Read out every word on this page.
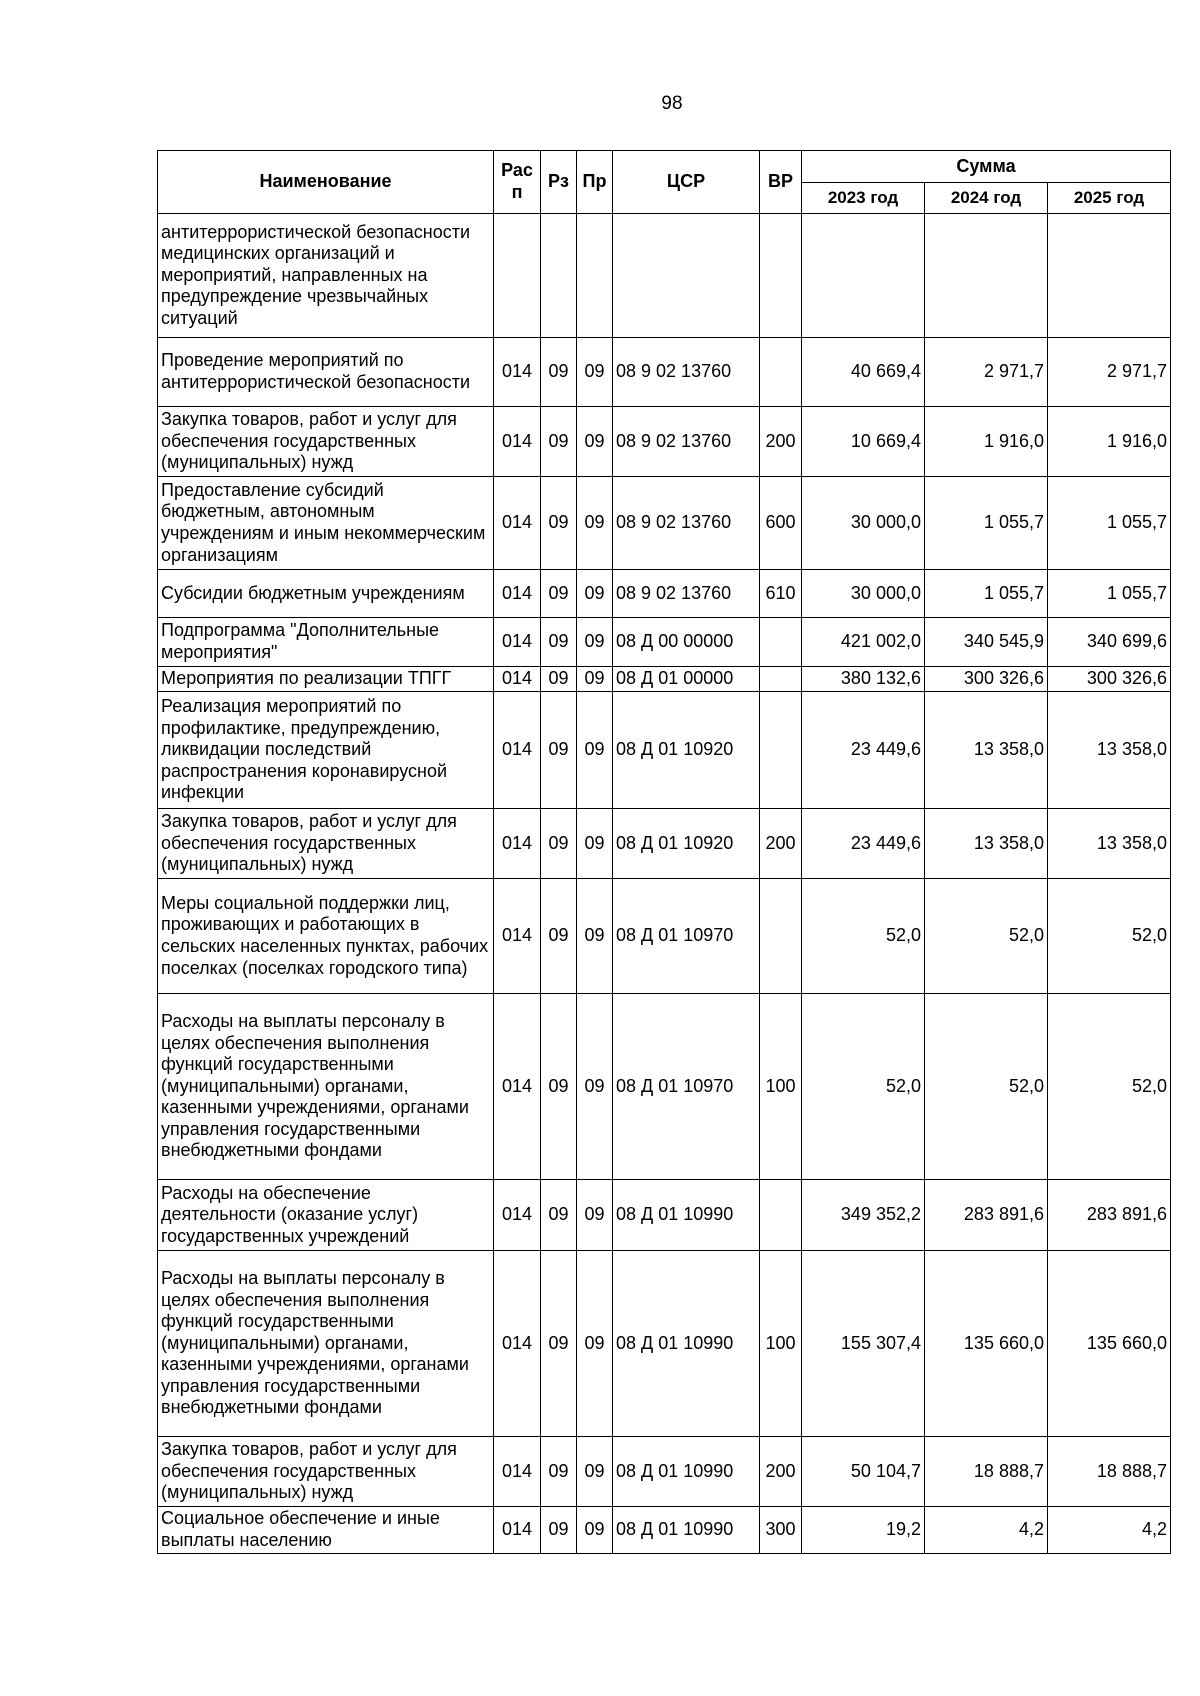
98
Наименование	Рас п	Рз	Пр	ЦСР	ВР	Сумма		
						2023 год	2024 год	2025 год
антитеррористической безопасности медицинских организаций и мероприятий, направленных на предупреждение чрезвычайных ситуаций								
Проведение мероприятий по антитеррористической безопасности	014	09	09	08 9 02 13760		40 669,4	2 971,7	2 971,7
Закупка товаров, работ и услуг для обеспечения государственных (муниципальных) нужд	014	09	09	08 9 02 13760	200	10 669,4	1 916,0	1 916,0
Предоставление субсидий бюджетным, автономным учреждениям и иным некоммерческим организациям	014	09	09	08 9 02 13760	600	30 000,0	1 055,7	1 055,7
Субсидии бюджетным учреждениям	014	09	09	08 9 02 13760	610	30 000,0	1 055,7	1 055,7
Подпрограмма "Дополнительные мероприятия"	014	09	09	08 Д 00 00000		421 002,0	340 545,9	340 699,6
Мероприятия по реализации ТПГГ	014	09	09	08 Д 01 00000		380 132,6	300 326,6	300 326,6
Реализация мероприятий по профилактике, предупреждению, ликвидации последствий распространения коронавирусной инфекции	014	09	09	08 Д 01 10920		23 449,6	13 358,0	13 358,0
Закупка товаров, работ и услуг для обеспечения государственных (муниципальных) нужд	014	09	09	08 Д 01 10920	200	23 449,6	13 358,0	13 358,0
Меры социальной поддержки лиц, проживающих и работающих в сельских населенных пунктах, рабочих поселках (поселках городского типа)	014	09	09	08 Д 01 10970		52,0	52,0	52,0
Расходы на выплаты персоналу в целях обеспечения выполнения функций государственными (муниципальными) органами, казенными учреждениями, органами управления государственными внебюджетными фондами	014	09	09	08 Д 01 10970	100	52,0	52,0	52,0
Расходы на обеспечение деятельности (оказание услуг) государственных учреждений	014	09	09	08 Д 01 10990		349 352,2	283 891,6	283 891,6
Расходы на выплаты персоналу в целях обеспечения выполнения функций государственными (муниципальными) органами, казенными учреждениями, органами управления государственными внебюджетными фондами	014	09	09	08 Д 01 10990	100	155 307,4	135 660,0	135 660,0
Закупка товаров, работ и услуг для обеспечения государственных (муниципальных) нужд	014	09	09	08 Д 01 10990	200	50 104,7	18 888,7	18 888,7
Социальное обеспечение и иные выплаты населению	014	09	09	08 Д 01 10990	300	19,2	4,2	4,2
